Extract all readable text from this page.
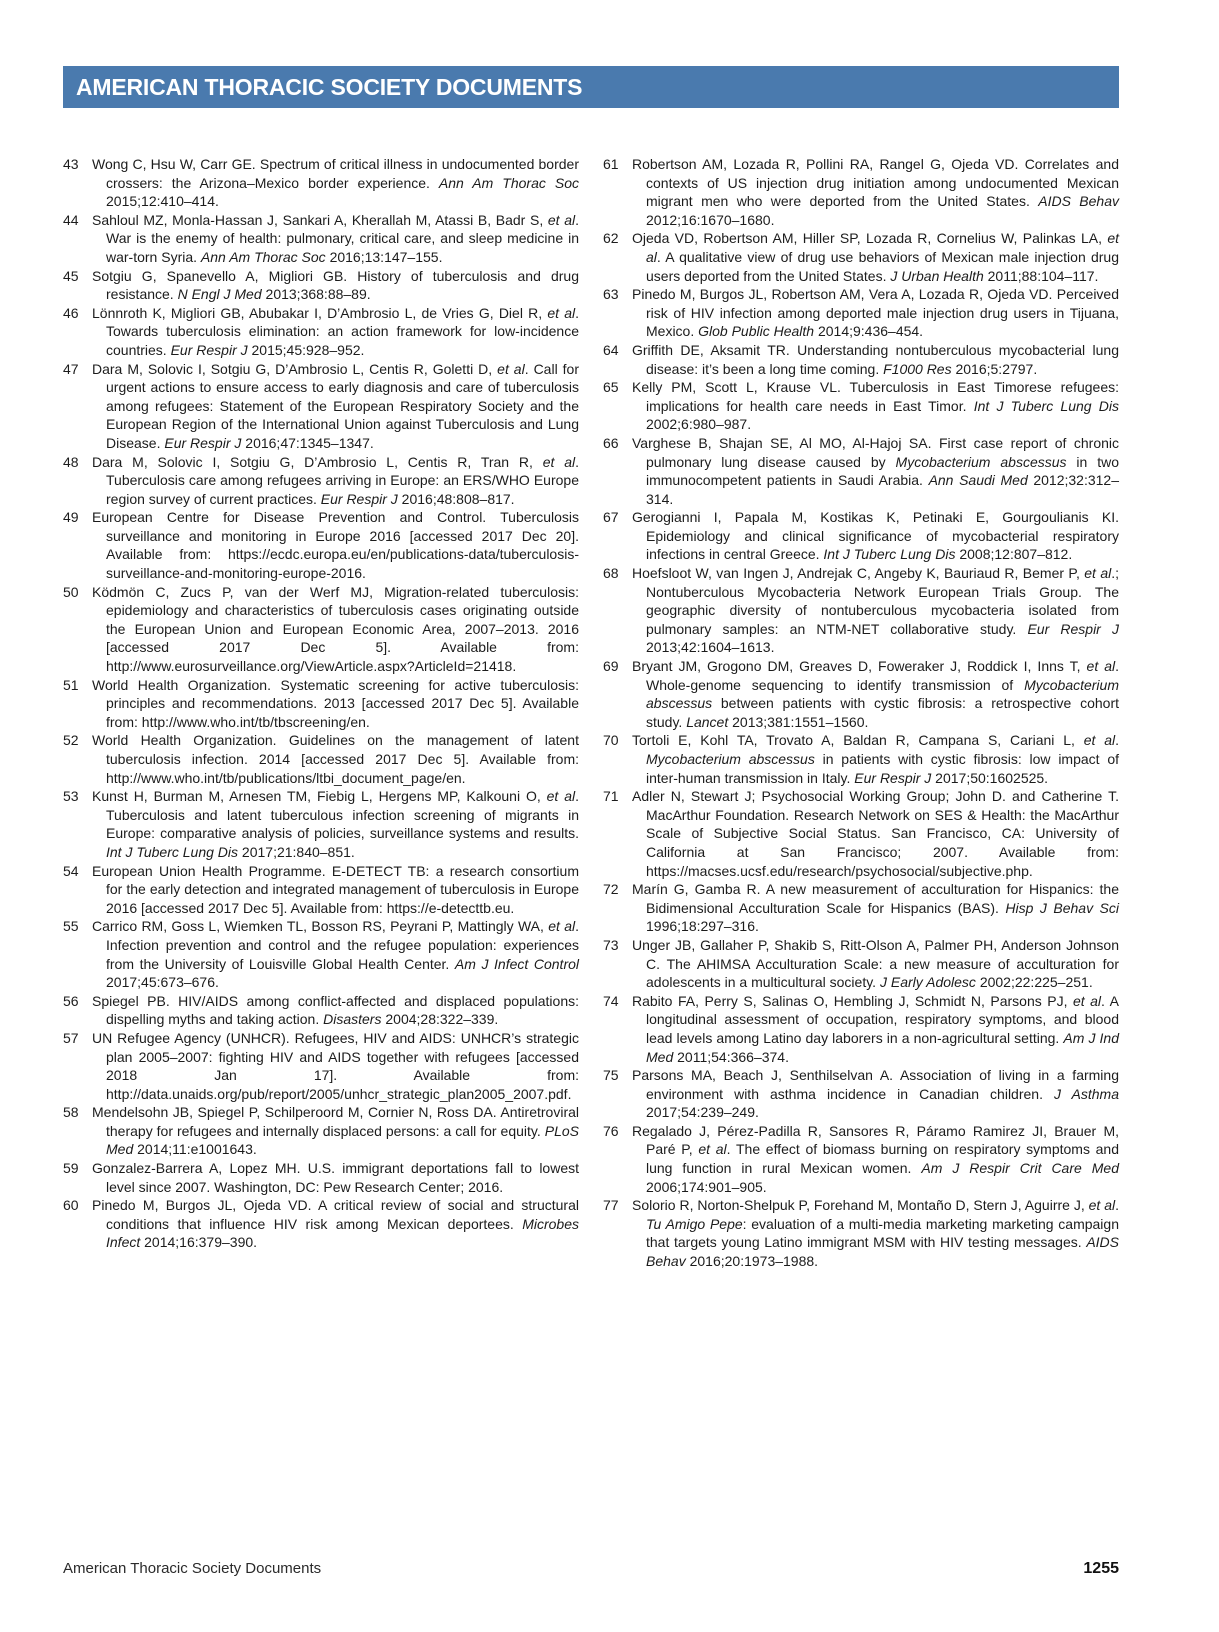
AMERICAN THORACIC SOCIETY DOCUMENTS
43 Wong C, Hsu W, Carr GE. Spectrum of critical illness in undocumented border crossers: the Arizona–Mexico border experience. Ann Am Thorac Soc 2015;12:410–414.
44 Sahloul MZ, Monla-Hassan J, Sankari A, Kherallah M, Atassi B, Badr S, et al. War is the enemy of health: pulmonary, critical care, and sleep medicine in war-torn Syria. Ann Am Thorac Soc 2016;13:147–155.
45 Sotgiu G, Spanevello A, Migliori GB. History of tuberculosis and drug resistance. N Engl J Med 2013;368:88–89.
46 Lönnroth K, Migliori GB, Abubakar I, D’Ambrosio L, de Vries G, Diel R, et al. Towards tuberculosis elimination: an action framework for low-incidence countries. Eur Respir J 2015;45:928–952.
47 Dara M, Solovic I, Sotgiu G, D’Ambrosio L, Centis R, Goletti D, et al. Call for urgent actions to ensure access to early diagnosis and care of tuberculosis among refugees: Statement of the European Respiratory Society and the European Region of the International Union against Tuberculosis and Lung Disease. Eur Respir J 2016;47:1345–1347.
48 Dara M, Solovic I, Sotgiu G, D’Ambrosio L, Centis R, Tran R, et al. Tuberculosis care among refugees arriving in Europe: an ERS/WHO Europe region survey of current practices. Eur Respir J 2016;48:808–817.
49 European Centre for Disease Prevention and Control. Tuberculosis surveillance and monitoring in Europe 2016 [accessed 2017 Dec 20]. Available from: https://ecdc.europa.eu/en/publications-data/tuberculosis-surveillance-and-monitoring-europe-2016.
50 Ködmön C, Zucs P, van der Werf MJ, Migration-related tuberculosis: epidemiology and characteristics of tuberculosis cases originating outside the European Union and European Economic Area, 2007–2013. 2016 [accessed 2017 Dec 5]. Available from: http://www.eurosurveillance.org/ViewArticle.aspx?ArticleId=21418.
51 World Health Organization. Systematic screening for active tuberculosis: principles and recommendations. 2013 [accessed 2017 Dec 5]. Available from: http://www.who.int/tb/tbscreening/en.
52 World Health Organization. Guidelines on the management of latent tuberculosis infection. 2014 [accessed 2017 Dec 5]. Available from: http://www.who.int/tb/publications/ltbi_document_page/en.
53 Kunst H, Burman M, Arnesen TM, Fiebig L, Hergens MP, Kalkouni O, et al. Tuberculosis and latent tuberculous infection screening of migrants in Europe: comparative analysis of policies, surveillance systems and results. Int J Tuberc Lung Dis 2017;21:840–851.
54 European Union Health Programme. E-DETECT TB: a research consortium for the early detection and integrated management of tuberculosis in Europe 2016 [accessed 2017 Dec 5]. Available from: https://e-detecttb.eu.
55 Carrico RM, Goss L, Wiemken TL, Bosson RS, Peyrani P, Mattingly WA, et al. Infection prevention and control and the refugee population: experiences from the University of Louisville Global Health Center. Am J Infect Control 2017;45:673–676.
56 Spiegel PB. HIV/AIDS among conflict-affected and displaced populations: dispelling myths and taking action. Disasters 2004;28:322–339.
57 UN Refugee Agency (UNHCR). Refugees, HIV and AIDS: UNHCR’s strategic plan 2005–2007: fighting HIV and AIDS together with refugees [accessed 2018 Jan 17]. Available from: http://data.unaids.org/pub/report/2005/unhcr_strategic_plan2005_2007.pdf.
58 Mendelsohn JB, Spiegel P, Schilperoord M, Cornier N, Ross DA. Antiretroviral therapy for refugees and internally displaced persons: a call for equity. PLoS Med 2014;11:e1001643.
59 Gonzalez-Barrera A, Lopez MH. U.S. immigrant deportations fall to lowest level since 2007. Washington, DC: Pew Research Center; 2016.
60 Pinedo M, Burgos JL, Ojeda VD. A critical review of social and structural conditions that influence HIV risk among Mexican deportees. Microbes Infect 2014;16:379–390.
61 Robertson AM, Lozada R, Pollini RA, Rangel G, Ojeda VD. Correlates and contexts of US injection drug initiation among undocumented Mexican migrant men who were deported from the United States. AIDS Behav 2012;16:1670–1680.
62 Ojeda VD, Robertson AM, Hiller SP, Lozada R, Cornelius W, Palinkas LA, et al. A qualitative view of drug use behaviors of Mexican male injection drug users deported from the United States. J Urban Health 2011;88:104–117.
63 Pinedo M, Burgos JL, Robertson AM, Vera A, Lozada R, Ojeda VD. Perceived risk of HIV infection among deported male injection drug users in Tijuana, Mexico. Glob Public Health 2014;9:436–454.
64 Griffith DE, Aksamit TR. Understanding nontuberculous mycobacterial lung disease: it’s been a long time coming. F1000 Res 2016;5:2797.
65 Kelly PM, Scott L, Krause VL. Tuberculosis in East Timorese refugees: implications for health care needs in East Timor. Int J Tuberc Lung Dis 2002;6:980–987.
66 Varghese B, Shajan SE, Al MO, Al-Hajoj SA. First case report of chronic pulmonary lung disease caused by Mycobacterium abscessus in two immunocompetent patients in Saudi Arabia. Ann Saudi Med 2012;32:312–314.
67 Gerogianni I, Papala M, Kostikas K, Petinaki E, Gourgoulianis KI. Epidemiology and clinical significance of mycobacterial respiratory infections in central Greece. Int J Tuberc Lung Dis 2008;12:807–812.
68 Hoefsloot W, van Ingen J, Andrejak C, Angeby K, Bauriaud R, Bemer P, et al.; Nontuberculous Mycobacteria Network European Trials Group. The geographic diversity of nontuberculous mycobacteria isolated from pulmonary samples: an NTM-NET collaborative study. Eur Respir J 2013;42:1604–1613.
69 Bryant JM, Grogono DM, Greaves D, Foweraker J, Roddick I, Inns T, et al. Whole-genome sequencing to identify transmission of Mycobacterium abscessus between patients with cystic fibrosis: a retrospective cohort study. Lancet 2013;381:1551–1560.
70 Tortoli E, Kohl TA, Trovato A, Baldan R, Campana S, Cariani L, et al. Mycobacterium abscessus in patients with cystic fibrosis: low impact of inter-human transmission in Italy. Eur Respir J 2017;50:1602525.
71 Adler N, Stewart J; Psychosocial Working Group; John D. and Catherine T. MacArthur Foundation. Research Network on SES & Health: the MacArthur Scale of Subjective Social Status. San Francisco, CA: University of California at San Francisco; 2007. Available from: https://macses.ucsf.edu/research/psychosocial/subjective.php.
72 Marín G, Gamba R. A new measurement of acculturation for Hispanics: the Bidimensional Acculturation Scale for Hispanics (BAS). Hisp J Behav Sci 1996;18:297–316.
73 Unger JB, Gallaher P, Shakib S, Ritt-Olson A, Palmer PH, Anderson Johnson C. The AHIMSA Acculturation Scale: a new measure of acculturation for adolescents in a multicultural society. J Early Adolesc 2002;22:225–251.
74 Rabito FA, Perry S, Salinas O, Hembling J, Schmidt N, Parsons PJ, et al. A longitudinal assessment of occupation, respiratory symptoms, and blood lead levels among Latino day laborers in a non-agricultural setting. Am J Ind Med 2011;54:366–374.
75 Parsons MA, Beach J, Senthilselvan A. Association of living in a farming environment with asthma incidence in Canadian children. J Asthma 2017;54:239–249.
76 Regalado J, Pérez-Padilla R, Sansores R, Páramo Ramirez JI, Brauer M, Paré P, et al. The effect of biomass burning on respiratory symptoms and lung function in rural Mexican women. Am J Respir Crit Care Med 2006;174:901–905.
77 Solorio R, Norton-Shelpuk P, Forehand M, Montaño D, Stern J, Aguirre J, et al. Tu Amigo Pepe: evaluation of a multi-media marketing marketing campaign that targets young Latino immigrant MSM with HIV testing messages. AIDS Behav 2016;20:1973–1988.
American Thoracic Society Documents	1255
